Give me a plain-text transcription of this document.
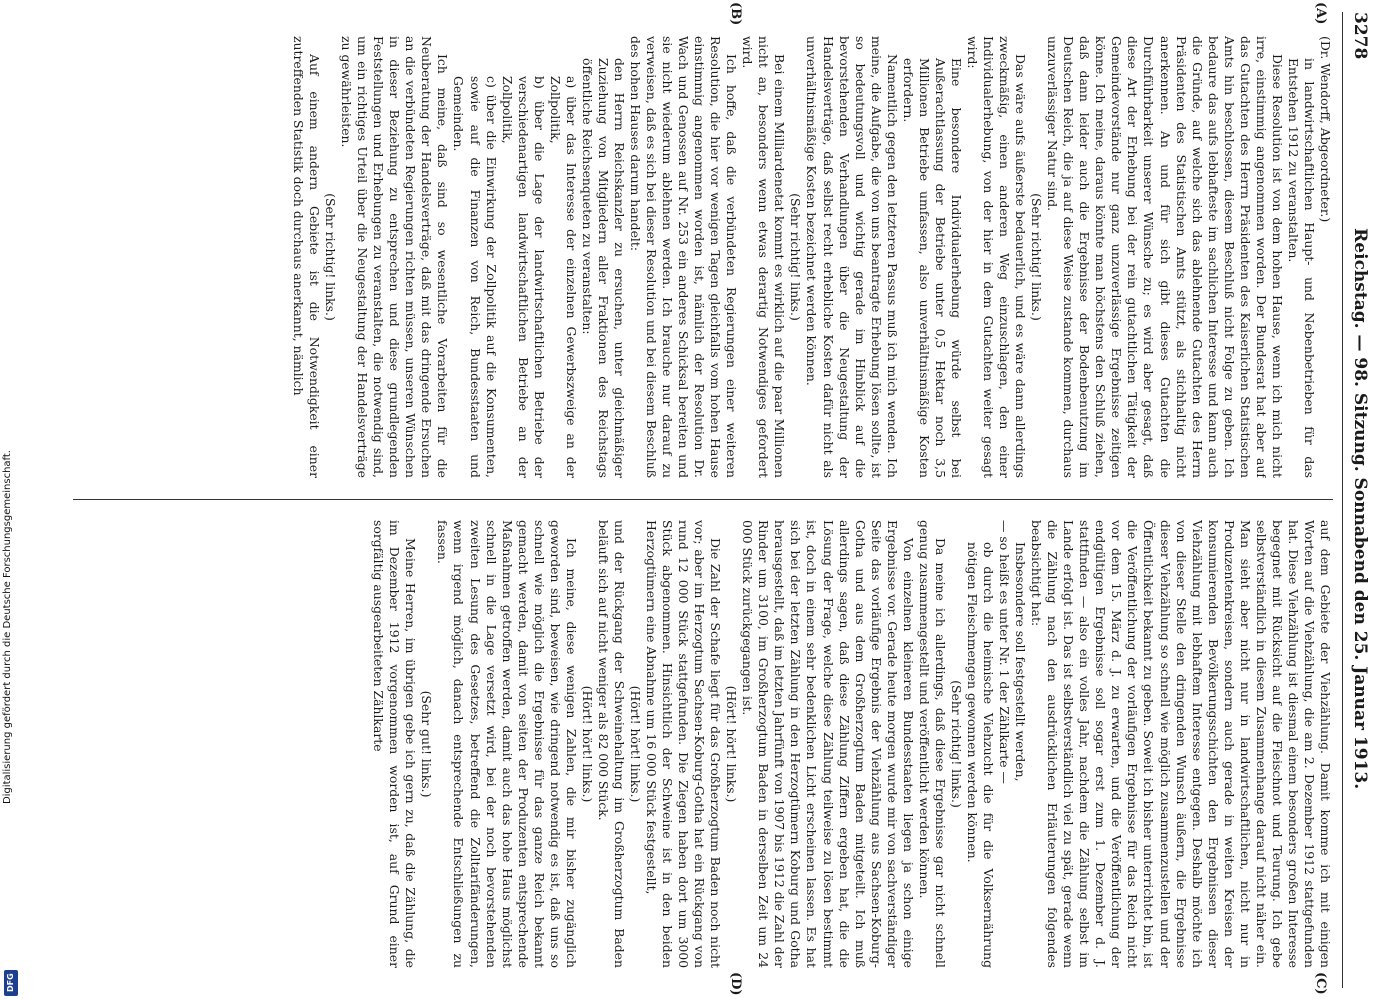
3278
Reichstag. — 98. Sitzung. Sonnabend den 25. Januar 1913.
(A)
(B)
(C)
(D)

(Dr. Wendorff, Abgeordneter.)

in landwirtschaftlichen Haupt- und Nebenbetrieben für das Entstehen 1912 zu veranstalten.

Diese Resolution ist von dem hohen Hause, wenn ich mich nicht irre, einstimmig angenommen worden. Der Bundesrat hat aber auf das Gutachten des Herrn Präsidenten des Kaiserlichen Statistischen Amts hin beschlossen, diesem Beschluß nicht Folge zu geben. Ich bedaure das aufs lebhafteste im sachlichen Interesse und kann auch die Gründe, auf welche sich das ablehnende Gutachten des Herrn Präsidenten des Statistischen Amts stützt, als stichhaltig nicht anerkennen. An und für sich gibt dieses Gutachten die Durchführbarkeit unserer Wünsche zu; es wird aber gesagt, daß diese Art der Erhebung bei der rein gutachtlichen Tätigkeit der Gemeindevorstände nur ganz unzuverlässige Ergebnisse zeitigen könne. Ich meine, daraus könnte man höchstens den Schluß ziehen, daß dann leider auch die Ergebnisse der Bodenbenutzung im Deutschen Reich, die ja auf diese Weise zustande kommen, durchaus unzuverlässiger Natur sind.

(Sehr richtig! links.)

Das wäre aufs äußerste bedauerlich, und es wäre dann allerdings zweckmäßig, einen anderen Weg einzuschlagen, den einer Individualerhebung, von der hier in dem Gutachten weiter gesagt wird:

Eine besondere Individualerhebung würde selbst bei Außerachtlassung der Betriebe unter 0,5 Hektar noch 3,5 Millionen Betriebe umfassen, also unverhältnismäßige Kosten erfordern.

Namentlich gegen den letzteren Passus muß ich mich wenden. Ich meine, die Aufgabe, die von uns beantragte Erhebung lösen sollte, ist so bedeutungsvoll und wichtig gerade im Hinblick auf die bevorstehenden Verhandlungen über die Neugestaltung der Handelsverträge, daß selbst recht erhebliche Kosten dafür nicht als unverhältnismäßige Kosten bezeichnet werden können.

(Sehr richtig! links.)

Bei einem Milliardenetat kommt es wirklich auf die paar Millionen nicht an, besonders wenn etwas derartig Notwendiges gefordert wird.

Ich hoffe, daß die verbündeten Regierungen einer weiteren Resolution, die hier vor wenigen Tagen gleichfalls vom hohen Hause einstimmig angenommen worden ist, nämlich der Resolution Dr. Wach und Genossen auf Nr. 253 ein anderes Schicksal bereiten und sie nicht wiederum ablehnen werden. Ich brauche nur darauf zu verweisen, daß es sich bei dieser Resolution und bei diesem Beschluß des hohen Hauses darum handelt:

den Herrn Reichskanzler zu ersuchen, unter gleichmäßiger Zuziehung von Mitgliedern aller Fraktionen des Reichstags öffentliche Reichsenqueten zu veranstalten:

a) über das Interesse der einzelnen Gewerbszweige an der Zollpolitik,

b) über die Lage der landwirtschaftlichen Betriebe der verschiedenartigen landwirtschaftlichen Betriebe an der Zollpolitik,

c) über die Einwirkung der Zollpolitik auf die Konsumenten, sowie auf die Finanzen von Reich, Bundesstaaten und Gemeinden.

Ich meine, daß sind so wesentliche Vorarbeiten für die Neuberatung der Handelsverträge, daß mit das dringende Ersuchen an die verbündeten Regierungen richten müssen, unseren Wünschen in dieser Beziehung zu entsprechen und diese grundlegenden Feststellungen und Erhebungen zu veranstalten, die notwendig sind, um ein richtiges Urteil über die Neugestaltung der Handelsverträge zu gewährleisten.

(Sehr richtig! links.)

Auf einem andern Gebiete ist die Notwendigkeit einer zutreffenden Statistik doch durchaus anerkannt, nämlich

auf dem Gebiete der Viehzählung. Damit komme ich mit einigen Worten auf die Viehzählung, die am 2. Dezember 1912 stattgefunden hat. Diese Viehzählung ist diesmal einem besonders großen Interesse begegnet mit Rücksicht auf die Fleischnot und Teurung. Ich gebe selbstverständlich in diesem Zusammenhange darauf nicht näher ein. Man sieht aber nicht nur in landwirtschaftlichen, nicht nur in Produzentenkreisen, sondern auch gerade in weiten Kreisen der konsumierenden Bevölkerungsschichten den Ergebnissen dieser Viehzählung mit lebhaftem Interesse entgegen. Deshalb möchte ich von dieser Stelle den dringenden Wunsch äußern, die Ergebnisse dieser Viehzählung so schnell wie möglich zusammenzustellen und der Öffentlichkeit bekannt zu geben. Soweit ich bisher unterrichtet bin, ist die Veröffentlichung der vorläufigen Ergebnisse für das Reich nicht vor dem 15. März d. J. zu erwarten, und die Veröffentlichung der endgültigen Ergebnisse soll sogar erst zum 1. Dezember d. J. stattfinden — also ein volles Jahr, nachdem die Zählung selbst im Lande erfolgt ist. Das ist selbstverständlich viel zu spät, gerade wenn die Zählung nach den ausdrücklichen Erläuterungen folgendes beabsichtigt hat:

Insbesondere soll festgestellt werden,

— so heißt es unter Nr. 1 der Zählkarte —

ob durch die heimische Viehzucht die für die Volksernährung nötigen Fleischmengen gewonnen werden können.

(Sehr richtig! links.)

Da meine ich allerdings, daß diese Ergebnisse gar nicht schnell genug zusammengestellt und veröffentlicht werden können.

Von einzelnen kleineren Bundesstaaten liegen ja schon einige Ergebnisse vor. Gerade heute morgen wurde mir von sachverständiger Seite das vorläufige Ergebnis der Viehzählung aus Sachsen-Koburg-Gotha und aus dem Großherzogtum Baden mitgeteilt. Ich muß allerdings sagen, daß diese Zählung Ziffern ergeben hat, die die Lösung der Frage, welche diese Zählung teilweise zu lösen bestimmt ist, doch in einem sehr bedenklichen Licht erscheinen lassen. Es hat sich bei der letzten Zählung in den Herzogtümern Koburg und Gotha herausgestellt, daß im letzten Jahrfünft von 1907 bis 1912 die Zahl der Rinder um 3100, im Großherzogtum Baden in derselben Zeit um 24 000 Stück zurückgegangen ist.

(Hört! hört! links.)

Die Zahl der Schafe liegt für das Großherzogtum Baden noch nicht vor; aber im Herzogtum Sachsen-Koburg-Gotha hat ein Rückgang von rund 12 000 Stück stattgefunden. Die Ziegen haben dort um 3000 Stück abgenommen. Hinsichtlich der Schweine ist in den beiden Herzogtümern eine Abnahme um 16 000 Stück festgestellt,

(Hört! hört! links.)

und der Rückgang der Schweinehaltung im Großherzogtum Baden beläuft sich auf nicht weniger als 82 000 Stück.

(Hört! hört! links.)

Ich meine, diese wenigen Zahlen, die mir bisher zugänglich geworden sind, beweisen, wie dringend notwendig es ist, daß uns so schnell wie möglich die Ergebnisse für das ganze Reich bekannt gemacht werden, damit von seiten der Produzenten entsprechende Maßnahmen getroffen werden, damit auch das hohe Haus möglichst schnell in die Lage versetzt wird, bei der noch bevorstehenden zweiten Lesung des Gesetzes, betreffend die Zolltarifänderungen, wenn irgend möglich, danach entsprechende Entschließungen zu fassen.

(Sehr gut! links.)

Meine Herren, im übrigen gebe ich gern zu, daß die Zählung, die im Dezember 1912 vorgenommen worden ist, auf Grund einer sorgfältig ausgearbeiteten Zählkarte

Digitalisierung gefördert durch die Deutsche Forschungsgemeinschaft.
DFG
